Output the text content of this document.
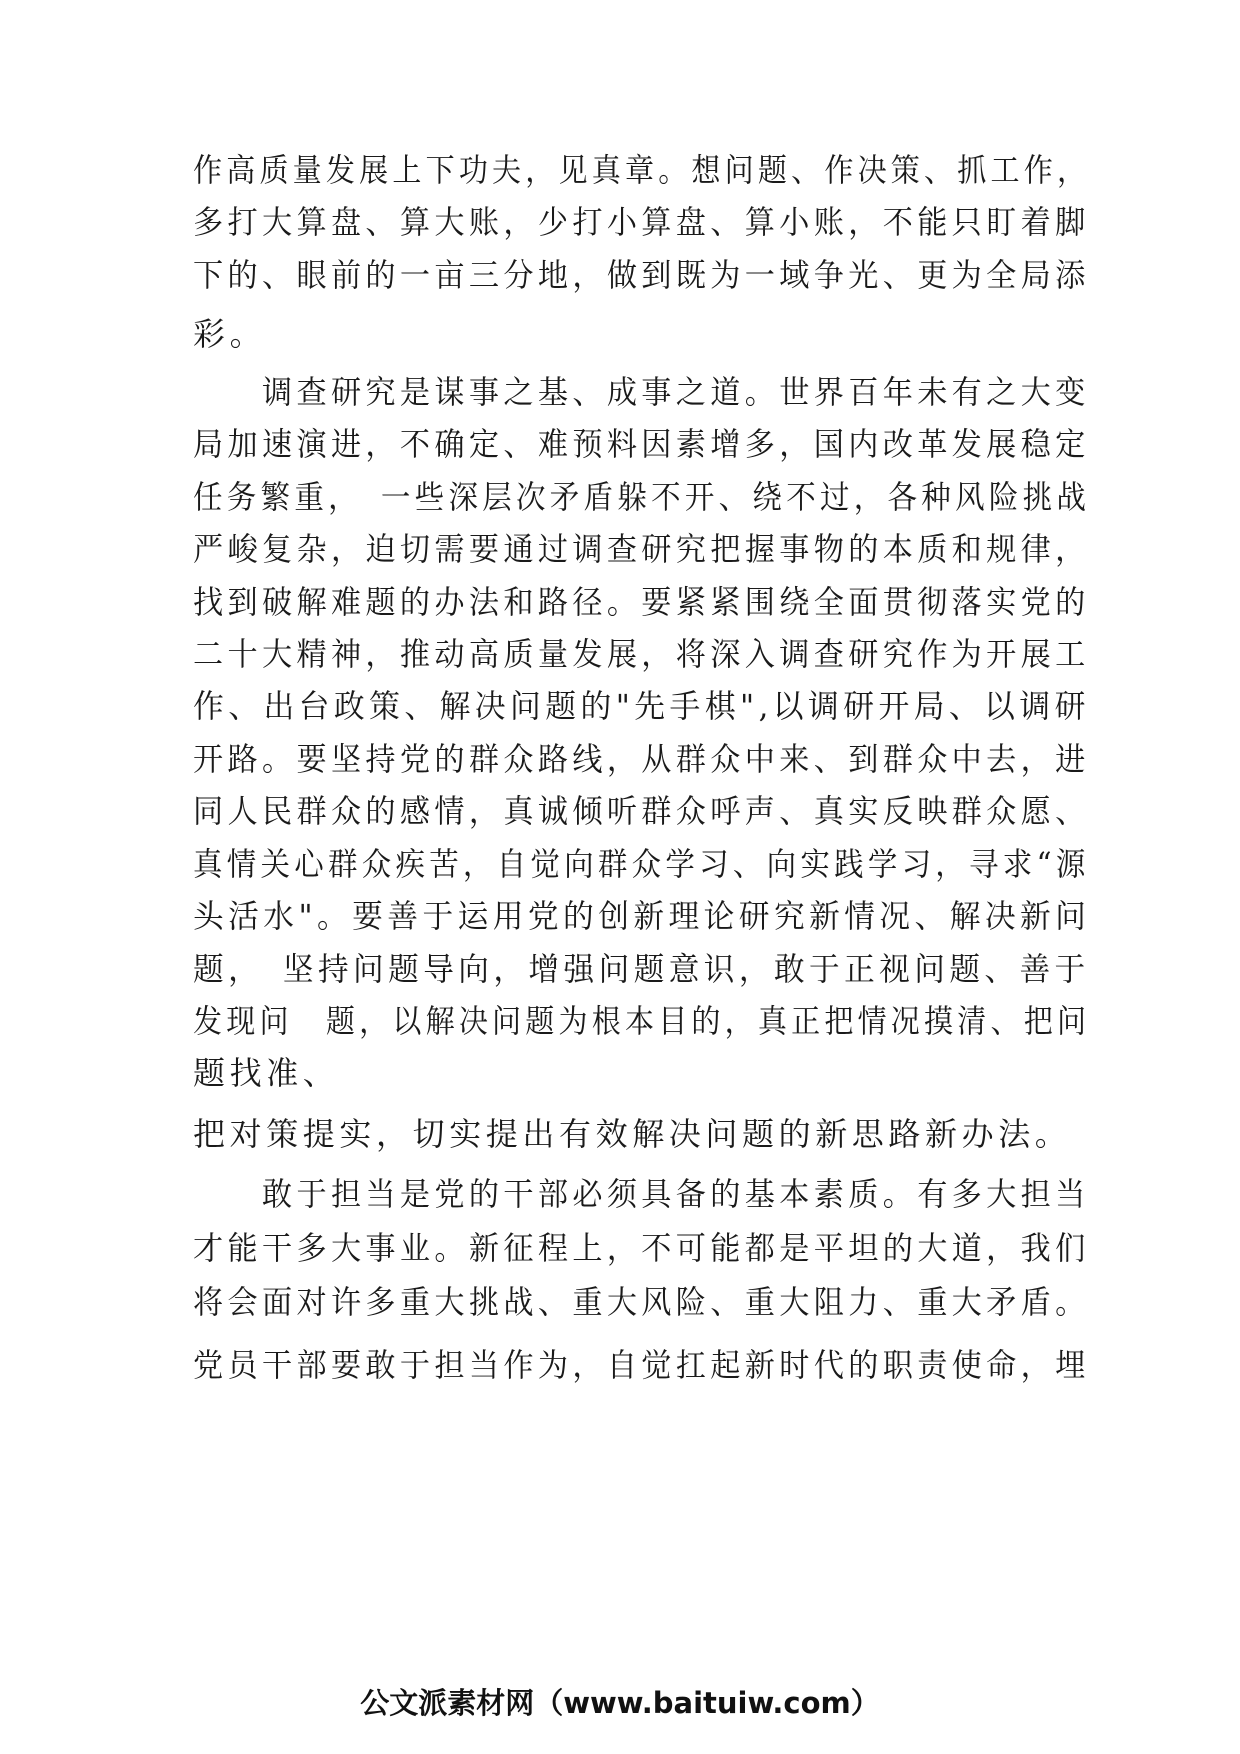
作高质量发展上下功夫，见真章。想问题、作决策、抓工作，
多打大算盘、算大账，少打小算盘、算小账，不能只盯着脚
下的、眼前的一亩三分地，做到既为一域争光、更为全局添
彩。
　　调查研究是谋事之基、成事之道。世界百年未有之大变
局加速演进，不确定、难预料因素增多，国内改革发展稳定
任务繁重，　一些深层次矛盾躲不开、绕不过，各种风险挑战
严峻复杂，迫切需要通过调查研究把握事物的本质和规律，
找到破解难题的办法和路径。要紧紧围绕全面贯彻落实党的
二十大精神，推动高质量发展，将深入调查研究作为开展工
作、出台政策、解决问题的"先手棋",以调研开局、以调研
开路。要坚持党的群众路线，从群众中来、到群众中去，进
同人民群众的感情，真诚倾听群众呼声、真实反映群众愿、
真情关心群众疾苦，自觉向群众学习、向实践学习，寻求“源
头活水"。要善于运用党的创新理论研究新情况、解决新问
题，　坚持问题导向，增强问题意识，敢于正视问题、善于
发现问　题，以解决问题为根本目的，真正把情况摸清、把问
题找准、
把对策提实，切实提出有效解决问题的新思路新办法。
　　敢于担当是党的干部必须具备的基本素质。有多大担当
才能干多大事业。新征程上，不可能都是平坦的大道，我们
将会面对许多重大挑战、重大风险、重大阻力、重大矛盾。
党员干部要敢于担当作为，自觉扛起新时代的职责使命，埋
公文派素材网（www.baituiw.com）
